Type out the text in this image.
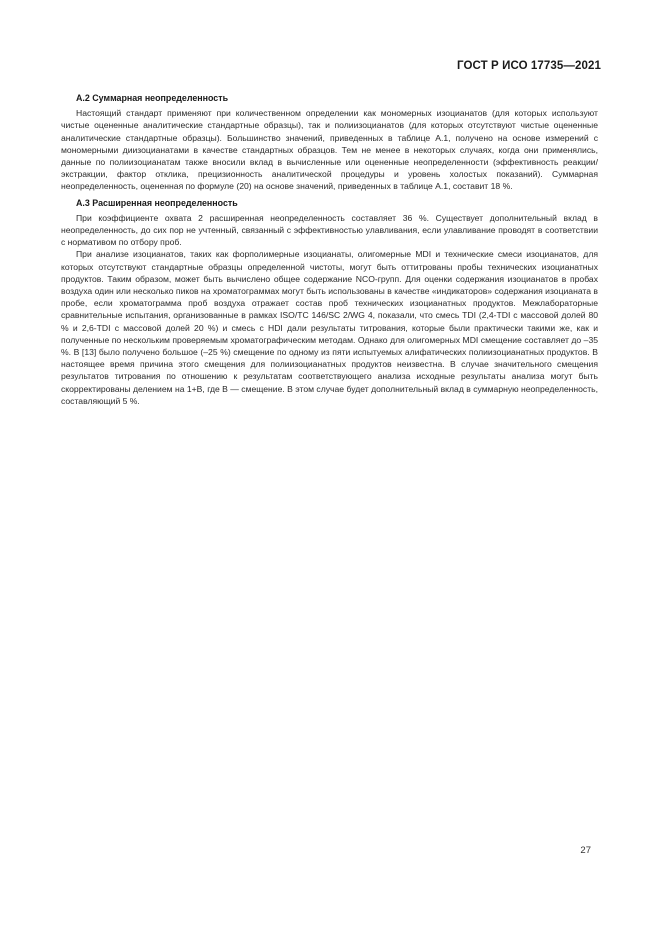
ГОСТ Р ИСО 17735—2021
А.2 Суммарная неопределенность

Настоящий стандарт применяют при количественном определении как мономерных изоцианатов (для которых используют чистые оцененные аналитические стандартные образцы), так и полиизоцианатов (для которых отсутствуют чистые оцененные аналитические стандартные образцы). Большинство значений, приведенных в таблице А.1, получено на основе измерений с мономерными диизоцианатами в качестве стандартных образцов. Тем не менее в некоторых случаях, когда они применялись, данные по полиизоцианатам также вносили вклад в вычисленные или оцененные неопределенности (эффективность реакции/экстракции, фактор отклика, прецизионность аналитической процедуры и уровень холостых показаний). Суммарная неопределенность, оцененная по формуле (20) на основе значений, приведенных в таблице А.1, составит 18 %.

А.3 Расширенная неопределенность

При коэффициенте охвата 2 расширенная неопределенность составляет 36 %. Существует дополнительный вклад в неопределенность, до сих пор не учтенный, связанный с эффективностью улавливания, если улавливание проводят в соответствии с нормативом по отбору проб.

При анализе изоцианатов, таких как форполимерные изоцианаты, олигомерные MDI и технические смеси изоцианатов, для которых отсутствуют стандартные образцы определенной чистоты, могут быть оттитрованы пробы технических изоцианатных продуктов. Таким образом, может быть вычислено общее содержание NCO-групп. Для оценки содержания изоцианатов в пробах воздуха один или несколько пиков на хроматограммах могут быть использованы в качестве «индикаторов» содержания изоцианата в пробе, если хроматограмма проб воздуха отражает состав проб технических изоцианатных продуктов. Межлабораторные сравнительные испытания, организованные в рамках ISO/TC 146/SC 2/WG 4, показали, что смесь TDI (2,4-TDI с массовой долей 80 % и 2,6-TDI с массовой долей 20 %) и смесь с HDI дали результаты титрования, которые были практически такими же, как и полученные по нескольким проверяемым хроматографическим методам. Однако для олигомерных MDI смещение составляет до –35 %. В [13] было получено большое (–25 %) смещение по одному из пяти испытуемых алифатических полиизоцианатных продуктов. В настоящее время причина этого смещения для полиизоцианатных продуктов неизвестна. В случае значительного смещения результатов титрования по отношению к результатам соответствующего анализа исходные результаты анализа могут быть скорректированы делением на 1+B, где B — смещение. В этом случае будет дополнительный вклад в суммарную неопределенность, составляющий 5 %.

27
